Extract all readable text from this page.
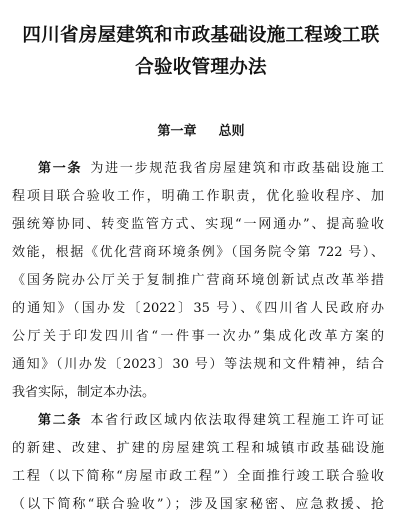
四川省房屋建筑和市政基础设施工程竣工联
合验收管理办法
第一章 总则
第一条 为进一步规范我省房屋建筑和市政基础设施工
程项目联合验收工作，明确工作职责，优化验收程序、加
强统筹协同、转变监管方式、实现“一网通办”、提高验收
效能，根据《优化营商环境条例》（国务院令第 722 号）、
《国务院办公厅关于复制推广营商环境创新试点改革举措
的通知》（国办发〔2022〕35 号）、《四川省人民政府办
公厅关于印发四川省“一件事一次办”集成化改革方案的
通知》（川办发〔2023〕30 号）等法规和文件精神，结合
我省实际，制定本办法。
第二条 本省行政区域内依法取得建筑工程施工许可证
的新建、改建、扩建的房屋建筑工程和城镇市政基础设施
工程（以下简称“房屋市政工程”）全面推行竣工联合验收
（以下简称“联合验收”）；涉及国家秘密、应急救援、抢
